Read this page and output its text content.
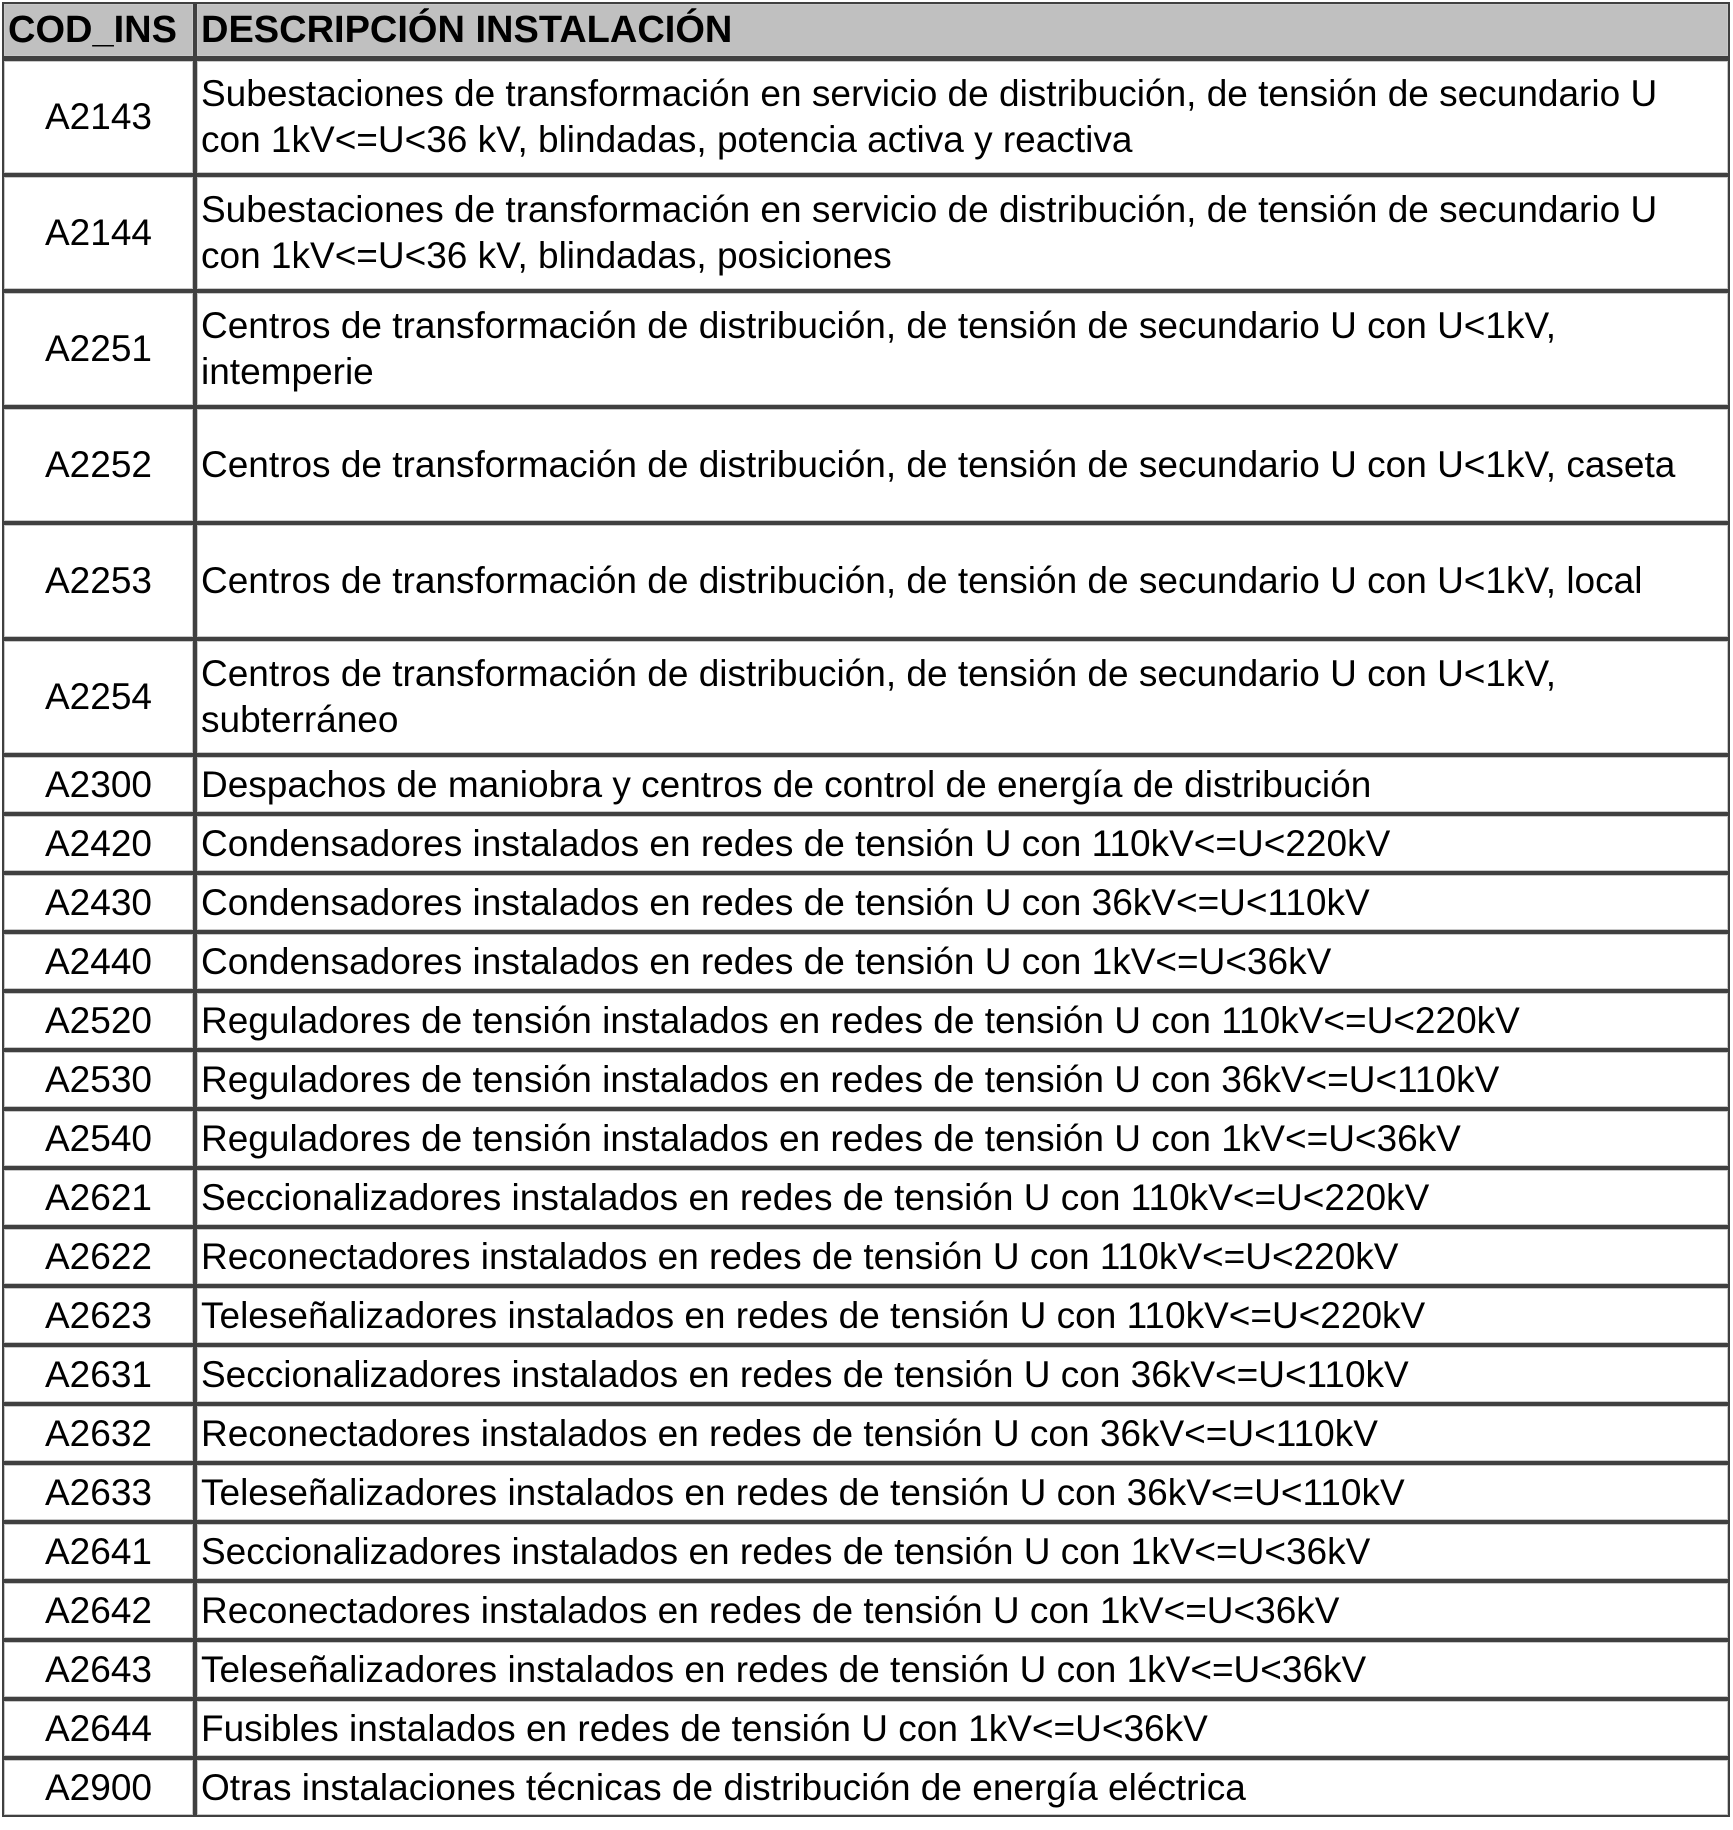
COD_INS	DESCRIPCIÓN INSTALACIÓN
A2143	Subestaciones de transformación en servicio de distribución, de tensión de secundario U con 1kV<=U<36 kV, blindadas, potencia activa y reactiva
A2144	Subestaciones de transformación en servicio de distribución, de tensión de secundario U con 1kV<=U<36 kV, blindadas, posiciones
A2251	Centros de transformación de distribución, de tensión de secundario U con U<1kV, intemperie
A2252	Centros de transformación de distribución, de tensión de secundario U con U<1kV, caseta
A2253	Centros de transformación de distribución, de tensión de secundario U con U<1kV, local
A2254	Centros de transformación de distribución, de tensión de secundario U con U<1kV, subterráneo
A2300	Despachos de maniobra y centros de control de energía de distribución
A2420	Condensadores instalados en redes de tensión U con 110kV<=U<220kV
A2430	Condensadores instalados en redes de tensión U con 36kV<=U<110kV
A2440	Condensadores instalados en redes de tensión U con 1kV<=U<36kV
A2520	Reguladores de tensión instalados en redes de tensión U con 110kV<=U<220kV
A2530	Reguladores de tensión instalados en redes de tensión U con 36kV<=U<110kV
A2540	Reguladores de tensión instalados en redes de tensión U con 1kV<=U<36kV
A2621	Seccionalizadores instalados en redes de tensión U con 110kV<=U<220kV
A2622	Reconectadores instalados en redes de tensión U con 110kV<=U<220kV
A2623	Teleseñalizadores instalados en redes de tensión U con 110kV<=U<220kV
A2631	Seccionalizadores instalados en redes de tensión U con 36kV<=U<110kV
A2632	Reconectadores instalados en redes de tensión U con 36kV<=U<110kV
A2633	Teleseñalizadores instalados en redes de tensión U con 36kV<=U<110kV
A2641	Seccionalizadores instalados en redes de tensión U con 1kV<=U<36kV
A2642	Reconectadores instalados en redes de tensión U con 1kV<=U<36kV
A2643	Teleseñalizadores instalados en redes de tensión U con 1kV<=U<36kV
A2644	Fusibles instalados en redes de tensión U con 1kV<=U<36kV
A2900	Otras instalaciones técnicas de distribución de energía eléctrica
